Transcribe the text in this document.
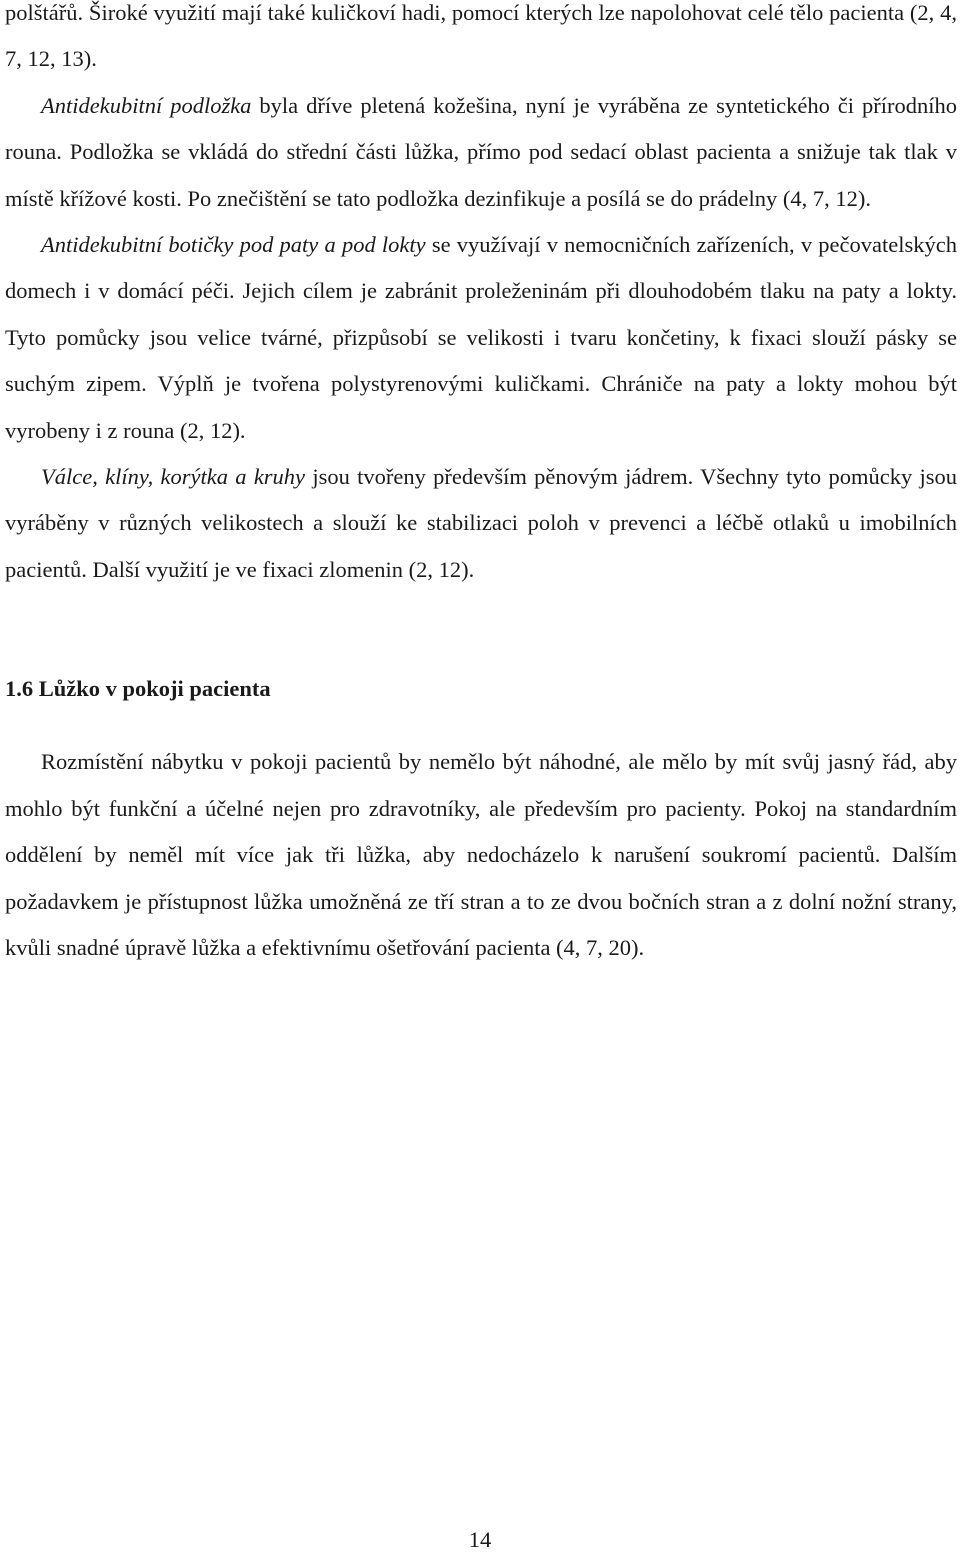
polštářů. Široké využití mají také kuličkoví hadi, pomocí kterých lze napolohovat celé tělo pacienta (2, 4, 7, 12, 13).

Antidekubitní podložka byla dříve pletená kožešina, nyní je vyráběna ze syntetického či přírodního rouna. Podložka se vkládá do střední části lůžka, přímo pod sedací oblast pacienta a snižuje tak tlak v místě křížové kosti. Po znečištění se tato podložka dezinfikuje a posílá se do prádelny (4, 7, 12).

Antidekubitní botičky pod paty a pod lokty se využívají v nemocničních zařízeních, v pečovatelských domech i v domácí péči. Jejich cílem je zabránit proleženinám při dlouhodobém tlaku na paty a lokty. Tyto pomůcky jsou velice tvárné, přizpůsobí se velikosti i tvaru končetiny, k fixaci slouží pásky se suchým zipem. Výplň je tvořena polystyrenovými kuličkami. Chrániče na paty a lokty mohou být vyrobeny i z rouna (2, 12).

Válce, klíny, korýtka a kruhy jsou tvořeny především pěnovým jádrem. Všechny tyto pomůcky jsou vyráběny v různých velikostech a slouží ke stabilizaci poloh v prevenci a léčbě otlaků u imobilních pacientů. Další využití je ve fixaci zlomenin (2, 12).

1.6 Lůžko v pokoji pacienta

Rozmístění nábytku v pokoji pacientů by nemělo být náhodné, ale mělo by mít svůj jasný řád, aby mohlo být funkční a účelné nejen pro zdravotníky, ale především pro pacienty. Pokoj na standardním oddělení by neměl mít více jak tři lůžka, aby nedocházelo k narušení soukromí pacientů. Dalším požadavkem je přístupnost lůžka umožněná ze tří stran a to ze dvou bočních stran a z dolní nožní strany, kvůli snadné úpravě lůžka a efektivnímu ošetřování pacienta (4, 7, 20).

14
